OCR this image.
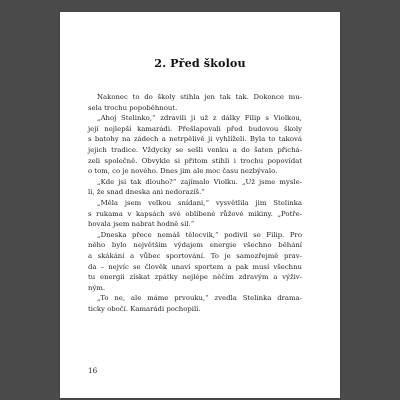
2. Před školou
Nakonec to do školy stihla jen tak tak. Dokonce mu-
sela trochu popoběhnout.
„Ahoj Stelinko,“ zdravili ji už z dálky Filip s Violkou,
její nejlepší kamarádi. Přešlapovali před budovou školy
s batohy na zádech a netrpělivě ji vyhlíželi. Byla to taková
jejich tradice. Vždycky se sešli venku a do šaten přichá-
zeli společně. Obvykle si přitom stihli i trochu popovídat
o tom, co je nového. Dnes jim ale moc času nezbývalo.
„Kde jsi tak dlouho?“ zajímalo Violku. „Už jsme mysle-
li, že snad dneska ani nedorazíš.“
„Měla jsem velkou snídani,“ vysvětlila jim Stelinka
s rukama v kapsách své oblíbené růžové mikiny. „Potře-
bovala jsem nabrat hodně sil.“
„Dneska přece nemáš tělocvik,“ podivil se Filip. Pro
něho bylo největším výdajem energie všechno běhání
a skákání a vůbec sportování. To je samozřejmě prav-
da – nejvíc se člověk unaví sportem a pak musí všechnu
tu energii získat zpátky nejlépe něčím zdravým a výživ-
ným.
„To ne, ale máme prvouku,“ zvedla Stelinka drama-
ticky obočí. Kamarádi pochopili.
16
